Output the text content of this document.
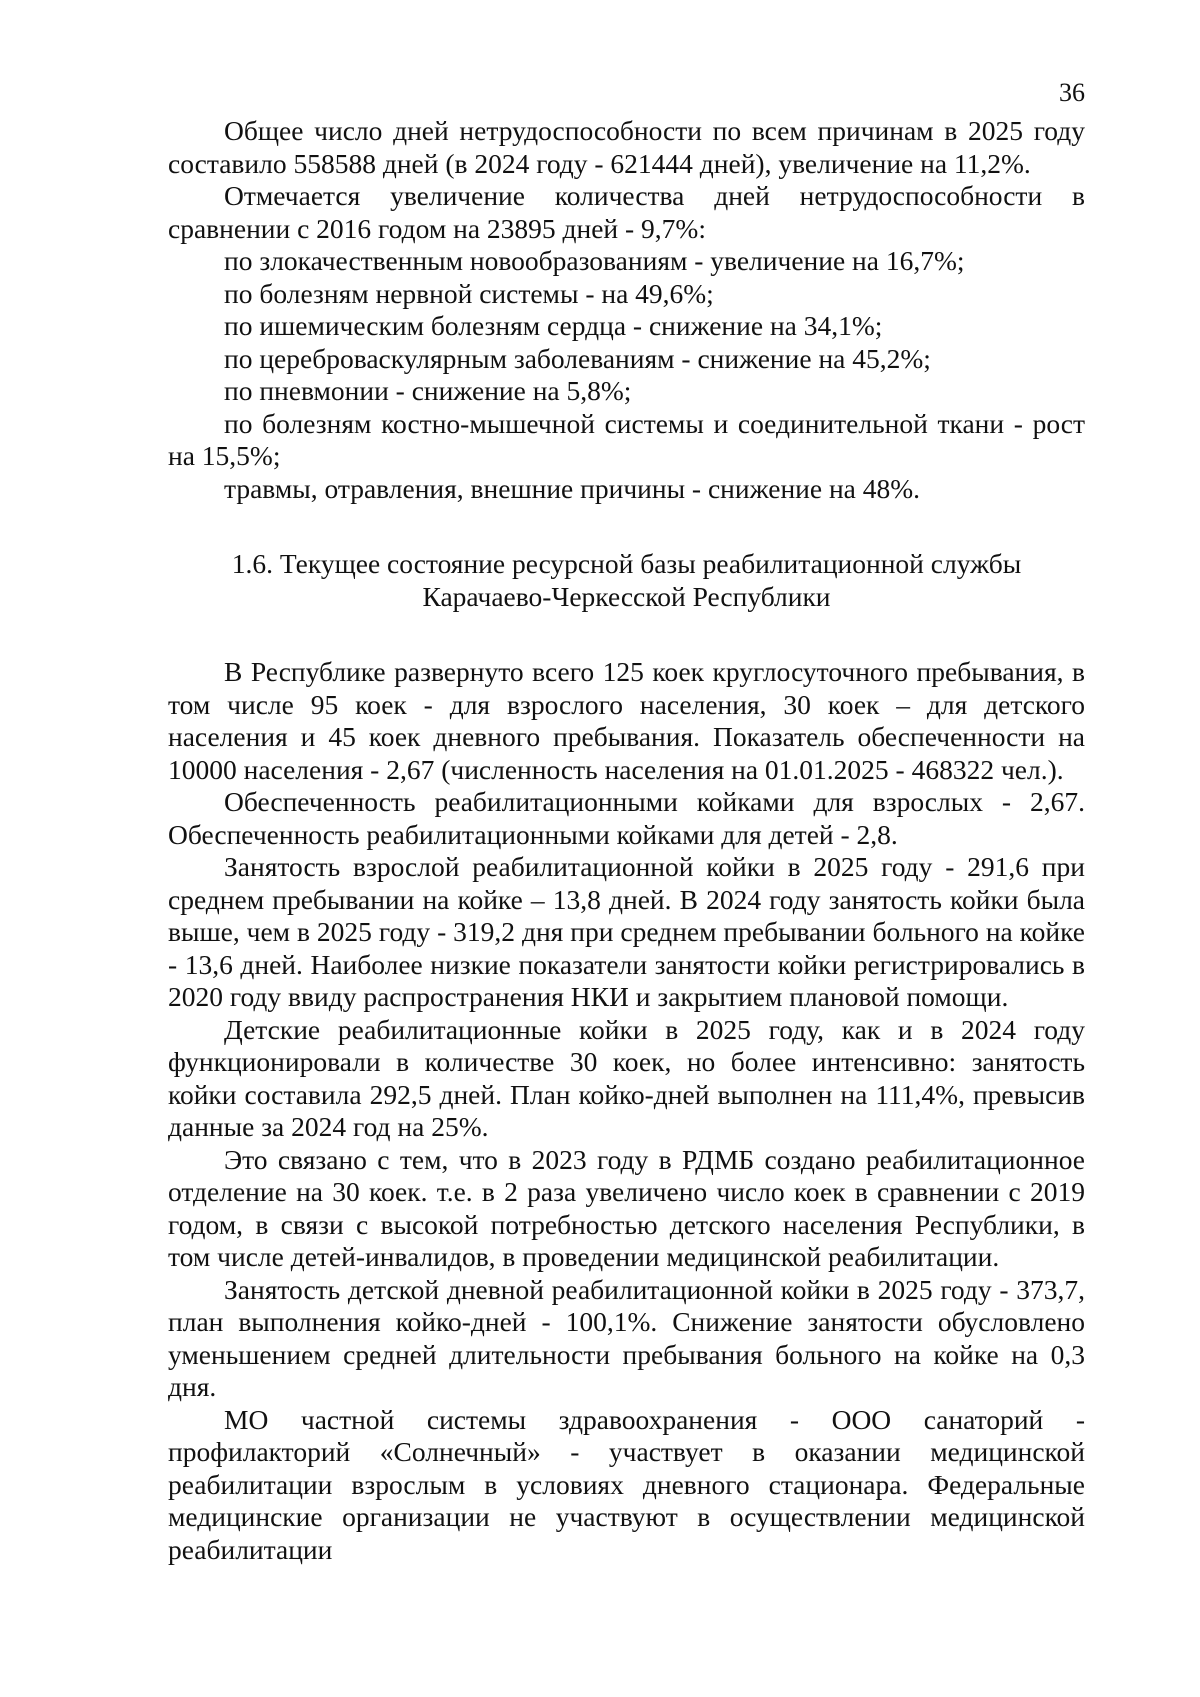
36

Общее число дней нетрудоспособности по всем причинам в 2025 году составило 558588 дней (в 2024 году - 621444 дней), увеличение на 11,2%.

Отмечается увеличение количества дней нетрудоспособности в сравнении с 2016 годом на 23895 дней - 9,7%:

по злокачественным новообразованиям - увеличение на 16,7%;

по болезням нервной системы - на 49,6%;

по ишемическим болезням сердца - снижение на 34,1%;

по цереброваскулярным заболеваниям - снижение на 45,2%;

по пневмонии - снижение на 5,8%;

по болезням костно-мышечной системы и соединительной ткани - рост на 15,5%;

травмы, отравления, внешние причины - снижение на 48%.

1.6. Текущее состояние ресурсной базы реабилитационной службы
Карачаево-Черкесской Республики

В Республике развернуто всего 125 коек круглосуточного пребывания, в том числе 95 коек - для взрослого населения, 30 коек – для детского населения и 45 коек дневного пребывания. Показатель обеспеченности на 10000 населения - 2,67 (численность населения на 01.01.2025 - 468322 чел.).

Обеспеченность реабилитационными койками для взрослых - 2,67. Обеспеченность реабилитационными койками для детей - 2,8.

Занятость взрослой реабилитационной койки в 2025 году - 291,6 при среднем пребывании на койке – 13,8 дней. В 2024 году занятость койки была выше, чем в 2025 году - 319,2 дня при среднем пребывании больного на койке - 13,6 дней. Наиболее низкие показатели занятости койки регистрировались в 2020 году ввиду распространения НКИ и закрытием плановой помощи.

Детские реабилитационные койки в 2025 году, как и в 2024 году функционировали в количестве 30 коек, но более интенсивно: занятость койки составила 292,5 дней. План койко-дней выполнен на 111,4%, превысив данные за 2024 год на 25%.

Это связано с тем, что в 2023 году в РДМБ создано реабилитационное отделение на 30 коек. т.е. в 2 раза увеличено число коек в сравнении с 2019 годом, в связи с высокой потребностью детского населения Республики, в том числе детей-инвалидов, в проведении медицинской реабилитации.

Занятость детской дневной реабилитационной койки в 2025 году - 373,7, план выполнения койко-дней - 100,1%. Снижение занятости обусловлено уменьшением средней длительности пребывания больного на койке на 0,3 дня.

МО частной системы здравоохранения - ООО санаторий - профилакторий «Солнечный» - участвует в оказании медицинской реабилитации взрослым в условиях дневного стационара. Федеральные медицинские организации не участвуют в осуществлении медицинской реабилитации
